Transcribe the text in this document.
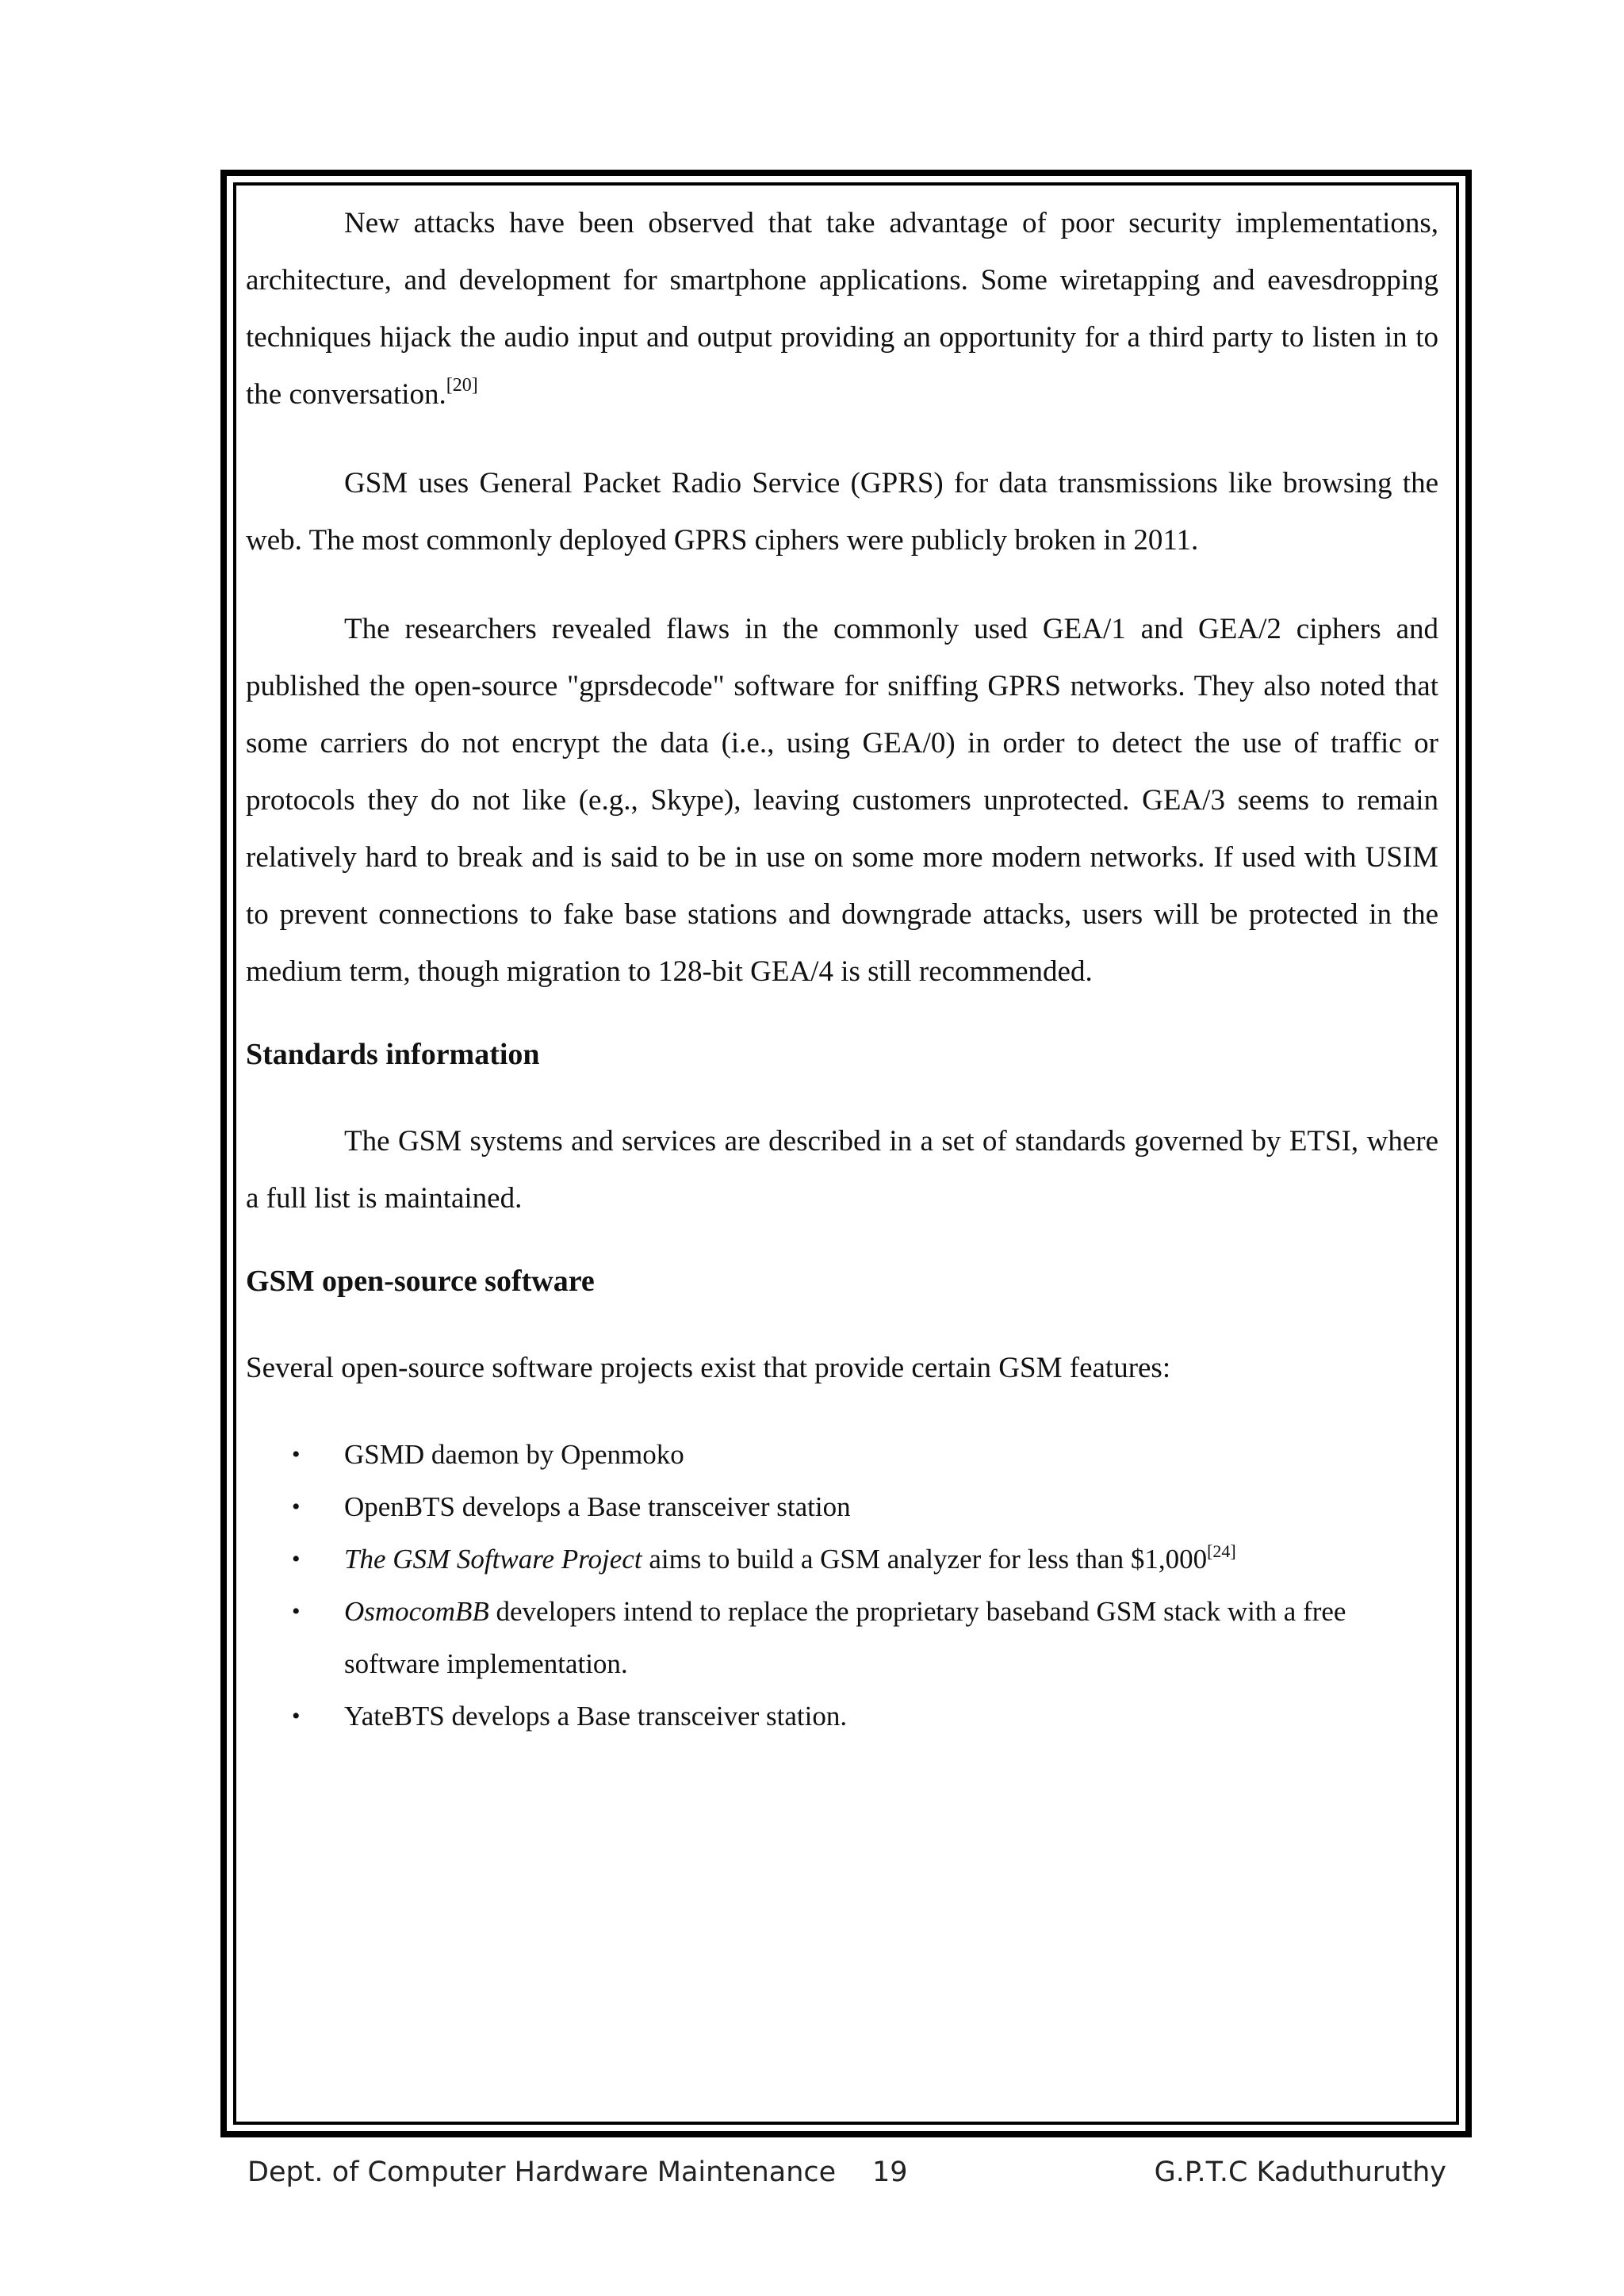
New attacks have been observed that take advantage of poor security implementations, architecture, and development for smartphone applications. Some wiretapping and eavesdropping techniques hijack the audio input and output providing an opportunity for a third party to listen in to the conversation.[20]

GSM uses General Packet Radio Service (GPRS) for data transmissions like browsing the web. The most commonly deployed GPRS ciphers were publicly broken in 2011.

The researchers revealed flaws in the commonly used GEA/1 and GEA/2 ciphers and published the open-source "gprsdecode" software for sniffing GPRS networks. They also noted that some carriers do not encrypt the data (i.e., using GEA/0) in order to detect the use of traffic or protocols they do not like (e.g., Skype), leaving customers unprotected. GEA/3 seems to remain relatively hard to break and is said to be in use on some more modern networks. If used with USIM to prevent connections to fake base stations and downgrade attacks, users will be protected in the medium term, though migration to 128-bit GEA/4 is still recommended.

Standards information

The GSM systems and services are described in a set of standards governed by ETSI, where a full list is maintained.

GSM open-source software

Several open-source software projects exist that provide certain GSM features:

• GSMD daemon by Openmoko
• OpenBTS develops a Base transceiver station
• The GSM Software Project aims to build a GSM analyzer for less than $1,000[24]
• OsmocomBB developers intend to replace the proprietary baseband GSM stack with a free software implementation.
• YateBTS develops a Base transceiver station.
Dept. of Computer Hardware Maintenance 19	G.P.T.C Kaduthuruthy
